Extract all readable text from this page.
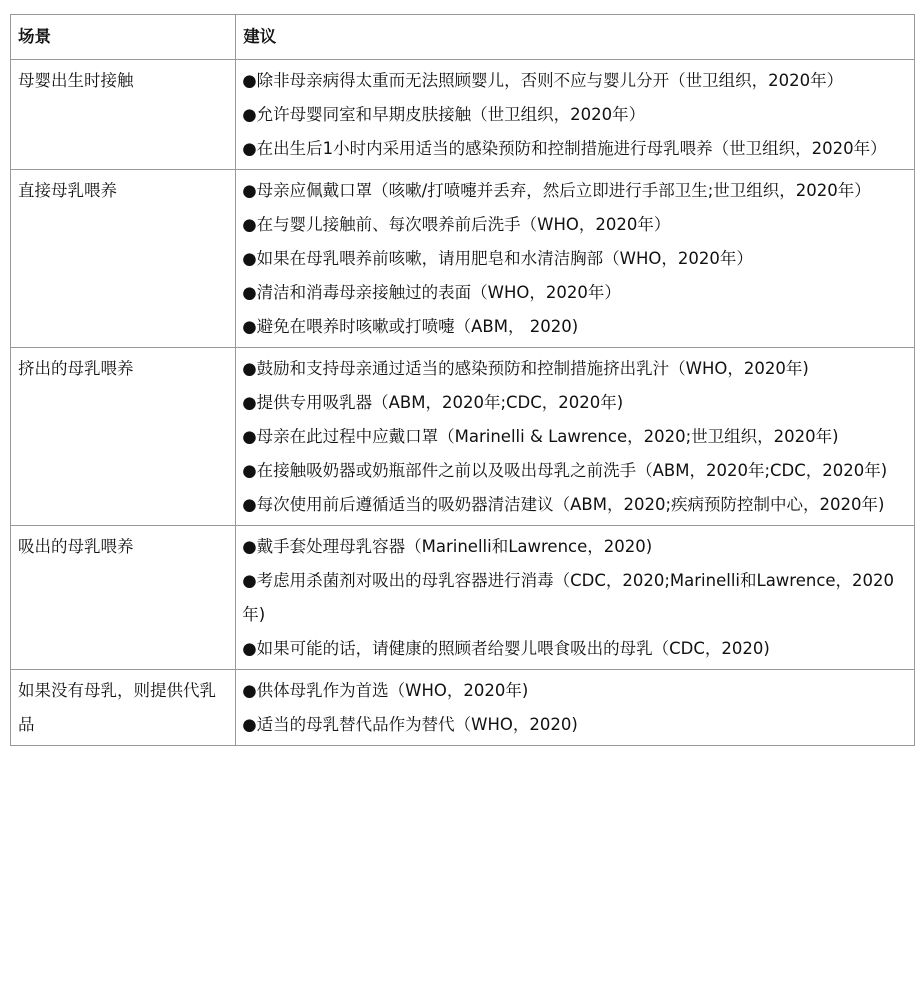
场景	建议
母婴出生时接触	●除非母亲病得太重而无法照顾婴儿，否则不应与婴儿分开（世卫组织，2020年）
●允许母婴同室和早期皮肤接触（世卫组织，2020年）
●在出生后1小时内采用适当的感染预防和控制措施进行母乳喂养（世卫组织，2020年）

直接母乳喂养	●母亲应佩戴口罩（咳嗽/打喷嚏并丢弃，然后立即进行手部卫生;世卫组织，2020年）
●在与婴儿接触前、每次喂养前后洗手（WHO，2020年）
●如果在母乳喂养前咳嗽，请用肥皂和水清洁胸部（WHO，2020年）
●清洁和消毒母亲接触过的表面（WHO，2020年）
●避免在喂养时咳嗽或打喷嚏（ABM， 2020)

挤出的母乳喂养	●鼓励和支持母亲通过适当的感染预防和控制措施挤出乳汁（WHO，2020年)
●提供专用吸乳器（ABM，2020年;CDC，2020年)
●母亲在此过程中应戴口罩（Marinelli & Lawrence，2020;世卫组织，2020年)
●在接触吸奶器或奶瓶部件之前以及吸出母乳之前洗手（ABM，2020年;CDC，2020年)
●每次使用前后遵循适当的吸奶器清洁建议（ABM，2020;疾病预防控制中心，2020年)

吸出的母乳喂养	●戴手套处理母乳容器（Marinelli和Lawrence，2020)
●考虑用杀菌剂对吸出的母乳容器进行消毒（CDC，2020;Marinelli和Lawrence，2020年)
●如果可能的话，请健康的照顾者给婴儿喂食吸出的母乳（CDC，2020)

如果没有母乳，则提供代乳品	●供体母乳作为首选（WHO，2020年)
●适当的母乳替代品作为替代（WHO，2020)
